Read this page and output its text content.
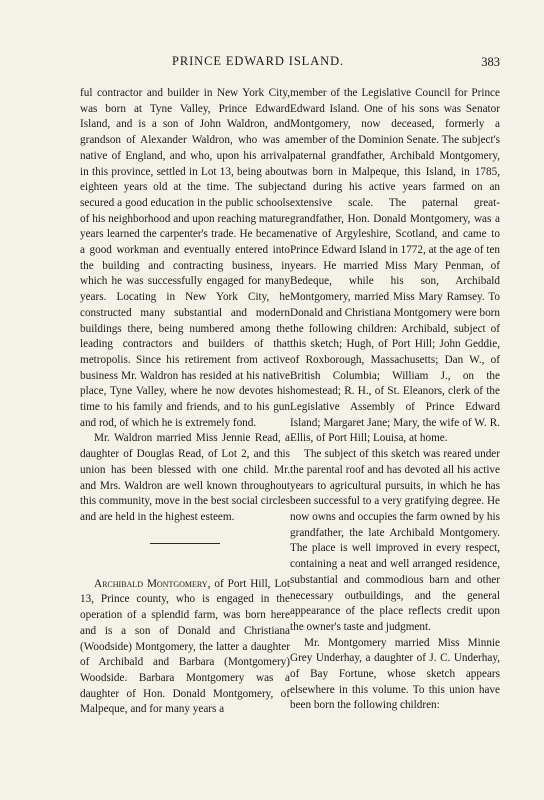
PRINCE EDWARD ISLAND.	383

ful contractor and builder in New York City, was born at Tyne Valley, Prince Edward Island, and is a son of John Waldron, and grandson of Alexander Waldron, who was a native of England, and who, upon his arrival in this province, settled in Lot 13, being about eighteen years old at the time. The subject secured a good education in the public schools of his neighborhood and upon reaching mature years learned the carpenter's trade. He became a good workman and eventually entered into the building and contracting business, in which he was successfully engaged for many years. Locating in New York City, he constructed many substantial and modern buildings there, being numbered among the leading contractors and builders of that metropolis. Since his retirement from active business Mr. Waldron has resided at his native place, Tyne Valley, where he now devotes his time to his family and friends, and to his gun and rod, of which he is extremely fond.

Mr. Waldron married Miss Jennie Read, a daughter of Douglas Read, of Lot 2, and this union has been blessed with one child. Mr. and Mrs. Waldron are well known throughout this community, move in the best social circles and are held in the highest esteem.

Archibald Montgomery, of Port Hill, Lot 13, Prince county, who is engaged in the operation of a splendid farm, was born here and is a son of Donald and Christiana (Woodside) Montgomery, the latter a daughter of Archibald and Barbara (Montgomery) Woodside. Barbara Montgomery was a daughter of Hon. Donald Montgomery, of Malpeque, and for many years a

member of the Legislative Council for Prince Edward Island. One of his sons was Senator Montgomery, now deceased, formerly a member of the Dominion Senate. The subject's paternal grandfather, Archibald Montgomery, was born in Malpeque, this Island, in 1785, and during his active years farmed on an extensive scale. The paternal great-grandfather, Hon. Donald Montgomery, was a native of Argyleshire, Scotland, and came to Prince Edward Island in 1772, at the age of ten years. He married Miss Mary Penman, of Bedeque, while his son, Archibald Montgomery, married Miss Mary Ramsey. To Donald and Christiana Montgomery were born the following children: Archibald, subject of this sketch; Hugh, of Port Hill; John Geddie, of Roxborough, Massachusetts; Dan W., of British Columbia; William J., on the homestead; R. H., of St. Eleanors, clerk of the Legislative Assembly of Prince Edward Island; Margaret Jane; Mary, the wife of W. R. Ellis, of Port Hill; Louisa, at home.

The subject of this sketch was reared under the parental roof and has devoted all his active years to agricultural pursuits, in which he has been successful to a very gratifying degree. He now owns and occupies the farm owned by his grandfather, the late Archibald Montgomery. The place is well improved in every respect, containing a neat and well arranged residence, substantial and commodious barn and other necessary outbuildings, and the general appearance of the place reflects credit upon the owner's taste and judgment.

Mr. Montgomery married Miss Minnie Grey Underhay, a daughter of J. C. Underhay, of Bay Fortune, whose sketch appears elsewhere in this volume. To this union have been born the following children:
